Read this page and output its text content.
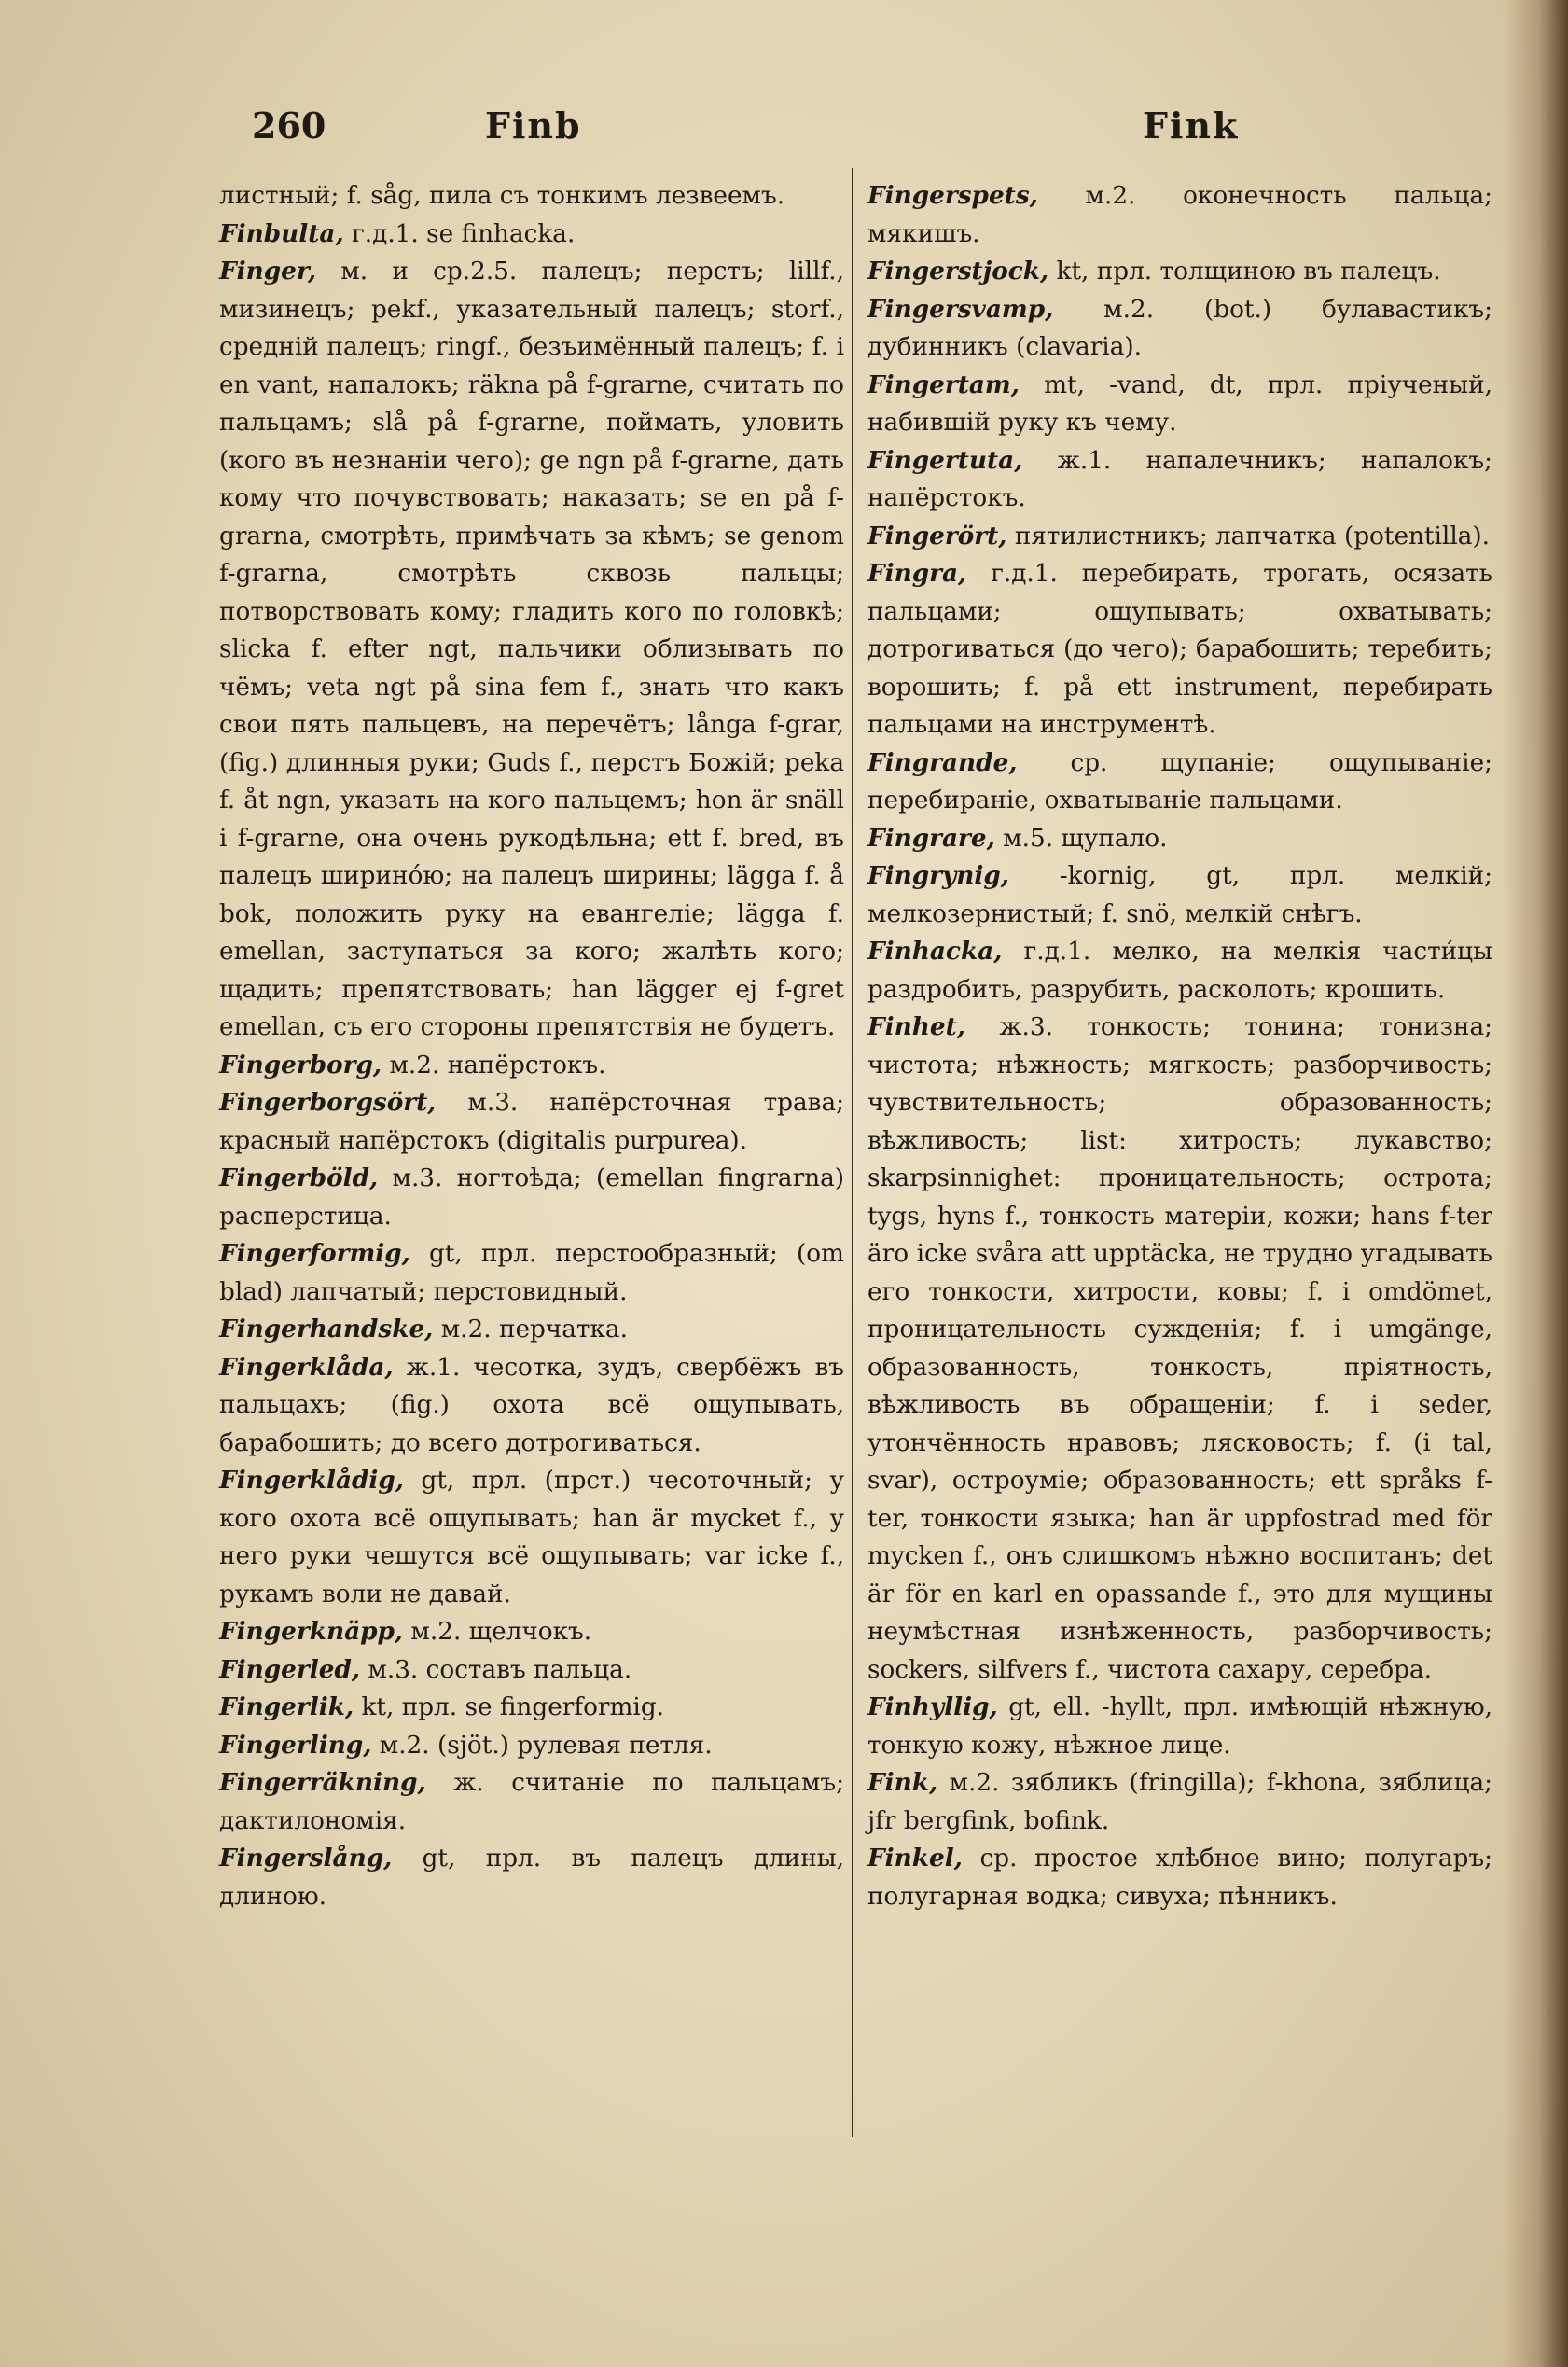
260	Finb	Fink

листный; f. såg, пила съ тонкимъ лезвеемъ.

Finbulta, г.д.1. se finhacka.

Finger, м. и ср.2.5. палецъ; перстъ; lillf., мизинецъ; pekf., указательный палецъ; storf., средній палецъ; ringf., безъимённый палецъ; f. i en vant, напалокъ; räkna på f-grarne, считать по пальцамъ; slå på f-grarne, поймать, уловить (кого въ незнаніи чего); ge ngn på f-grarne, дать кому что почувствовать; наказать; se en på f-grarna, смотрѣть, примѣчать за кѣмъ; se genom f-grarna, смотрѣть сквозь пальцы; потворствовать кому; гладить кого по головкѣ; slicka f. efter ngt, пальчики облизывать по чёмъ; veta ngt på sina fem f., знать что какъ свои пять пальцевъ, на перечётъ; långa f-grar, (fig.) длинныя руки; Guds f., перстъ Божій; peka f. åt ngn, указать на кого пальцемъ; hon är snäll i f-grarne, она очень рукодѣльна; ett f. bred, въ палецъ ширинóю; на палецъ ширины; lägga f. å bok, положить руку на евангеліе; lägga f. emellan, заступаться за кого; жалѣть кого; щадить; препятствовать; han lägger ej f-gret emellan, съ его стороны препятствія не будетъ.

Fingerborg, м.2. напёрстокъ.

Fingerborgsört, м.3. напёрсточная трава; красный напёрстокъ (digitalis purpurea).

Fingerböld, м.3. ногтоѣда; (emellan fingrarna) расперстица.

Fingerformig, gt, прл. перстообразный; (om blad) лапчатый; перстовидный.

Fingerhandske, м.2. перчатка.

Fingerklåda, ж.1. чесотка, зудъ, свербёжъ въ пальцахъ; (fig.) охота всё ощупывать, барабошить; до всего дотрогиваться.

Fingerklådig, gt, прл. (прст.) чесоточный; у кого охота всё ощупывать; han är mycket f., у него руки чешутся всё ощупывать; var icke f., рукамъ воли не давай.

Fingerknäpp, м.2. щелчокъ.

Fingerled, м.3. составъ пальца.

Fingerlik, kt, прл. se fingerformig.

Fingerling, м.2. (sjöt.) рулевая петля.

Fingerräkning, ж. считаніе по пальцамъ; дактилономія.

Fingerslång, gt, прл. въ палецъ длины, длиною.

Fingerspets, м.2. оконечность пальца; мякишъ.

Fingerstjock, kt, прл. толщиною въ палецъ.

Fingersvamp, м.2. (bot.) булавастикъ; дубинникъ (clavaria).

Fingertam, mt, -vand, dt, прл. пріученый, набившій руку къ чему.

Fingertuta, ж.1. напалечникъ; напалокъ; напёрстокъ.

Fingerört, пятилистникъ; лапчатка (potentilla).

Fingra, г.д.1. перебирать, трогать, осязать пальцами; ощупывать; охватывать; дотрогиваться (до чего); барабошить; теребить; ворошить; f. på ett instrument, перебирать пальцами на инструментѣ.

Fingrande, ср. щупаніе; ощупываніе; перебираніе, охватываніе пальцами.

Fingrare, м.5. щупало.

Fingrynig, -kornig, gt, прл. мелкій; мелкозернистый; f. snö, мелкій снѣгъ.

Finhacka, г.д.1. мелко, на мелкія части́цы раздробить, разрубить, расколоть; крошить.

Finhet, ж.3. тонкость; тонина; тонизна; чистота; нѣжность; мягкость; разборчивость; чувствительность; образованность; вѣжливость; list: хитрость; лукавство; skarpsinnighet: проницательность; острота; tygs, hyns f., тонкость матеріи, кожи; hans f-ter äro icke svåra att upptäcka, не трудно угадывать его тонкости, хитрости, ковы; f. i omdömet, проницательность сужденія; f. i umgänge, образованность, тонкость, пріятность, вѣжливость въ обращеніи; f. i seder, утончённость нравовъ; лясковость; f. (i tal, svar), остроуміе; образованность; ett språks f-ter, тонкости языка; han är uppfostrad med för mycken f., онъ слишкомъ нѣжно воспитанъ; det är för en karl en opassande f., это для мущины неумѣстная изнѣженность, разборчивость; sockers, silfvers f., чистота сахару, серебра.

Finhyllig, gt, ell. -hyllt, прл. имѣющій нѣжную, тонкую кожу, нѣжное лице.

Fink, м.2. зябликъ (fringilla); f-khona, зяблица; jfr bergfink, bofink.

Finkel, ср. простое хлѣбное вино; полугаръ; полугарная водка; сивуха; пѣнникъ.
